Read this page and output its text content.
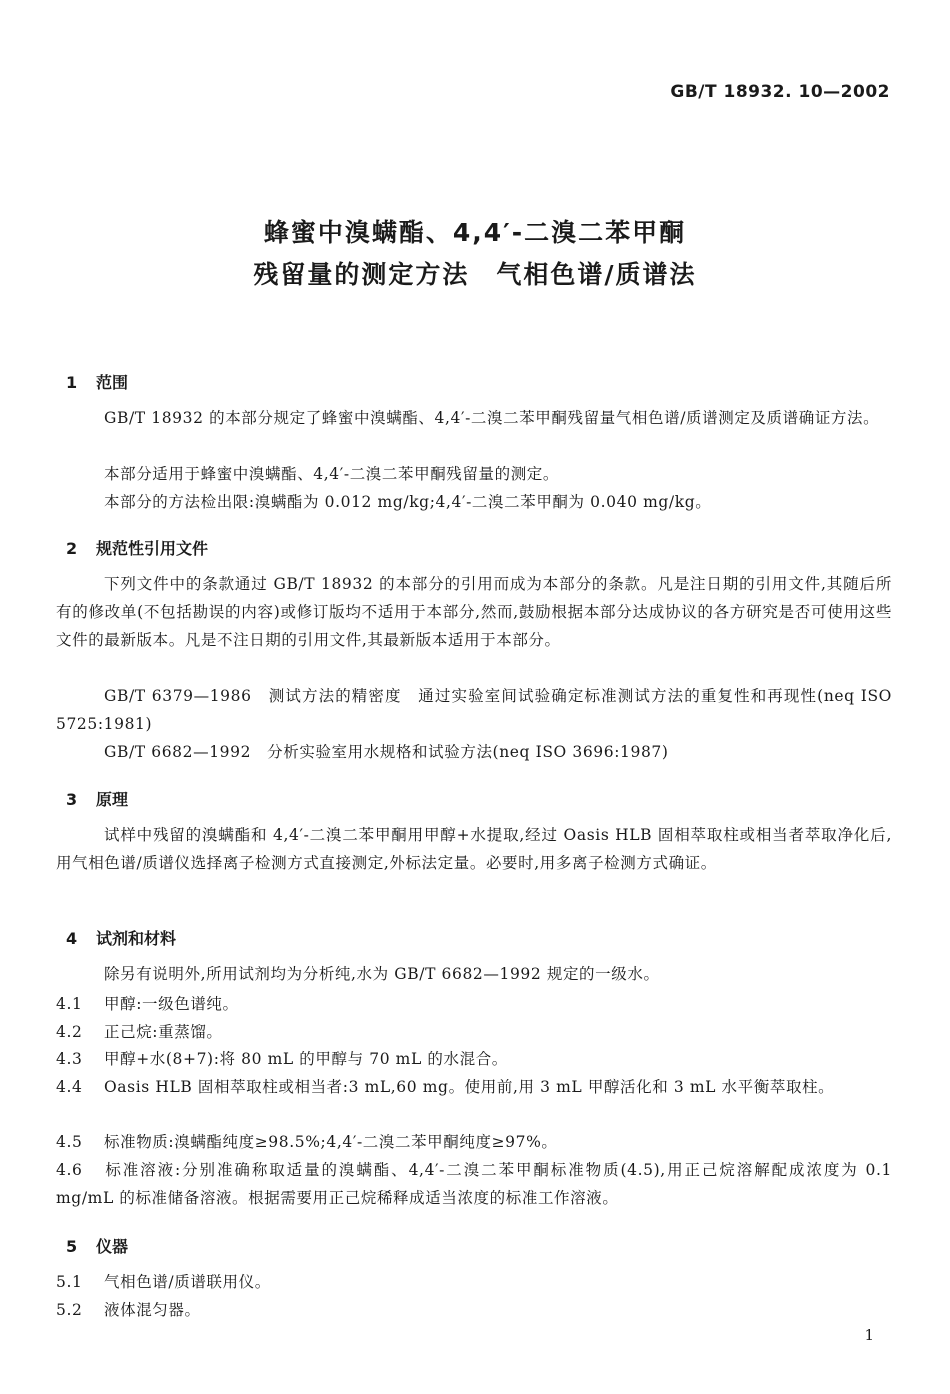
GB/T 18932. 10—2002
蜂蜜中溴螨酯、4,4′-二溴二苯甲酮
残留量的测定方法　气相色谱/质谱法
1 范围

GB/T 18932 的本部分规定了蜂蜜中溴螨酯、4,4′-二溴二苯甲酮残留量气相色谱/质谱测定及质谱确证方法。

本部分适用于蜂蜜中溴螨酯、4,4′-二溴二苯甲酮残留量的测定。

本部分的方法检出限:溴螨酯为 0.012 mg/kg;4,4′-二溴二苯甲酮为 0.040 mg/kg。

2 规范性引用文件

下列文件中的条款通过 GB/T 18932 的本部分的引用而成为本部分的条款。凡是注日期的引用文件,其随后所有的修改单(不包括勘误的内容)或修订版均不适用于本部分,然而,鼓励根据本部分达成协议的各方研究是否可使用这些文件的最新版本。凡是不注日期的引用文件,其最新版本适用于本部分。

GB/T 6379—1986　测试方法的精密度　通过实验室间试验确定标准测试方法的重复性和再现性(neq ISO 5725:1981)

GB/T 6682—1992　分析实验室用水规格和试验方法(neq ISO 3696:1987)

3 原理

试样中残留的溴螨酯和 4,4′-二溴二苯甲酮用甲醇+水提取,经过 Oasis HLB 固相萃取柱或相当者萃取净化后,用气相色谱/质谱仪选择离子检测方式直接测定,外标法定量。必要时,用多离子检测方式确证。

4 试剂和材料

除另有说明外,所用试剂均为分析纯,水为 GB/T 6682—1992 规定的一级水。

4.1 甲醇:一级色谱纯。

4.2 正己烷:重蒸馏。

4.3 甲醇+水(8+7):将 80 mL 的甲醇与 70 mL 的水混合。

4.4 Oasis HLB 固相萃取柱或相当者:3 mL,60 mg。使用前,用 3 mL 甲醇活化和 3 mL 水平衡萃取柱。

4.5 标准物质:溴螨酯纯度≥98.5%;4,4′-二溴二苯甲酮纯度≥97%。

4.6 标准溶液:分别准确称取适量的溴螨酯、4,4′-二溴二苯甲酮标准物质(4.5),用正己烷溶解配成浓度为 0.1 mg/mL 的标准储备溶液。根据需要用正己烷稀释成适当浓度的标准工作溶液。

5 仪器

5.1 气相色谱/质谱联用仪。

5.2 液体混匀器。

1
